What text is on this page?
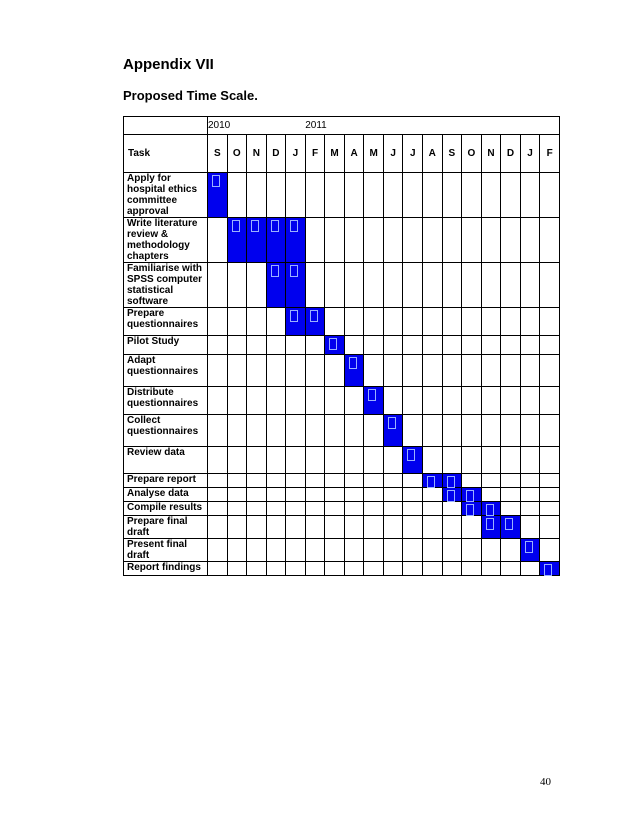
Appendix VII
Proposed Time Scale.
	2010					2011												
Task	S	O	N	D	J	F	M	A	M	J	J	A	S	O	N	D	J	F
Apply for hospital ethics committee approval																		
Write literature review & methodology chapters																		
Familiarise with SPSS computer statistical software																		
Prepare questionnaires																		
Pilot Study																		
Adapt questionnaires																		
Distribute questionnaires																		
Collect questionnaires																		
Review data																		
Prepare report																		
Analyse data																		
Compile results																		
Prepare final draft																		
Present final draft																		
Report findings																		

40
